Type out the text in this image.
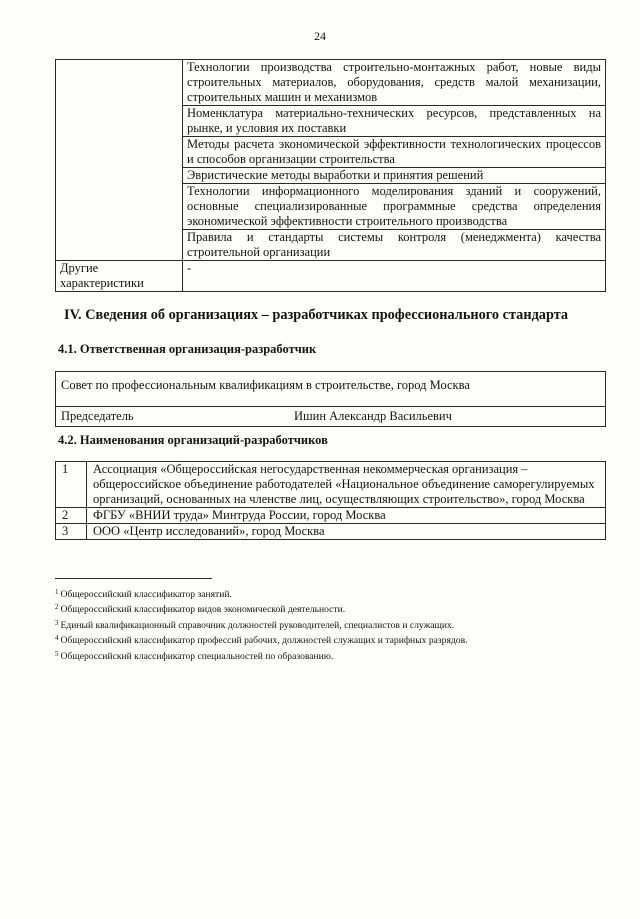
24
	Технологии производства строительно-монтажных работ, новые виды строительных материалов, оборудования, средств малой механизации, строительных машин и механизмов
	Номенклатура материально-технических ресурсов, представленных на рынке, и условия их поставки
	Методы расчета экономической эффективности технологических процессов и способов организации строительства
	Эвристические методы выработки и принятия решений
	Технологии информационного моделирования зданий и сооружений, основные специализированные программные средства определения экономической эффективности строительного производства
	Правила и стандарты системы контроля (менеджмента) качества строительной организации
Другие характеристики	-
IV. Сведения об организациях – разработчиках профессионального стандарта
4.1. Ответственная организация-разработчик
Совет по профессиональным квалификациям в строительстве, город Москва
Председатель	Ишин Александр Васильевич
4.2. Наименования организаций-разработчиков
1	Ассоциация «Общероссийская негосударственная некоммерческая организация – общероссийское объединение работодателей «Национальное объединение саморегулируемых организаций, основанных на членстве лиц, осуществляющих строительство», город Москва
2	ФГБУ «ВНИИ труда» Минтруда России, город Москва
3	ООО «Центр исследований», город Москва
$^1$ Общероссийский классификатор занятий.
$^2$ Общероссийский классификатор видов экономической деятельности.
$^3$ Единый квалификационный справочник должностей руководителей, специалистов и служащих.
$^4$ Общероссийский классификатор профессий рабочих, должностей служащих и тарифных разрядов.
$^5$ Общероссийский классификатор специальностей по образованию.
